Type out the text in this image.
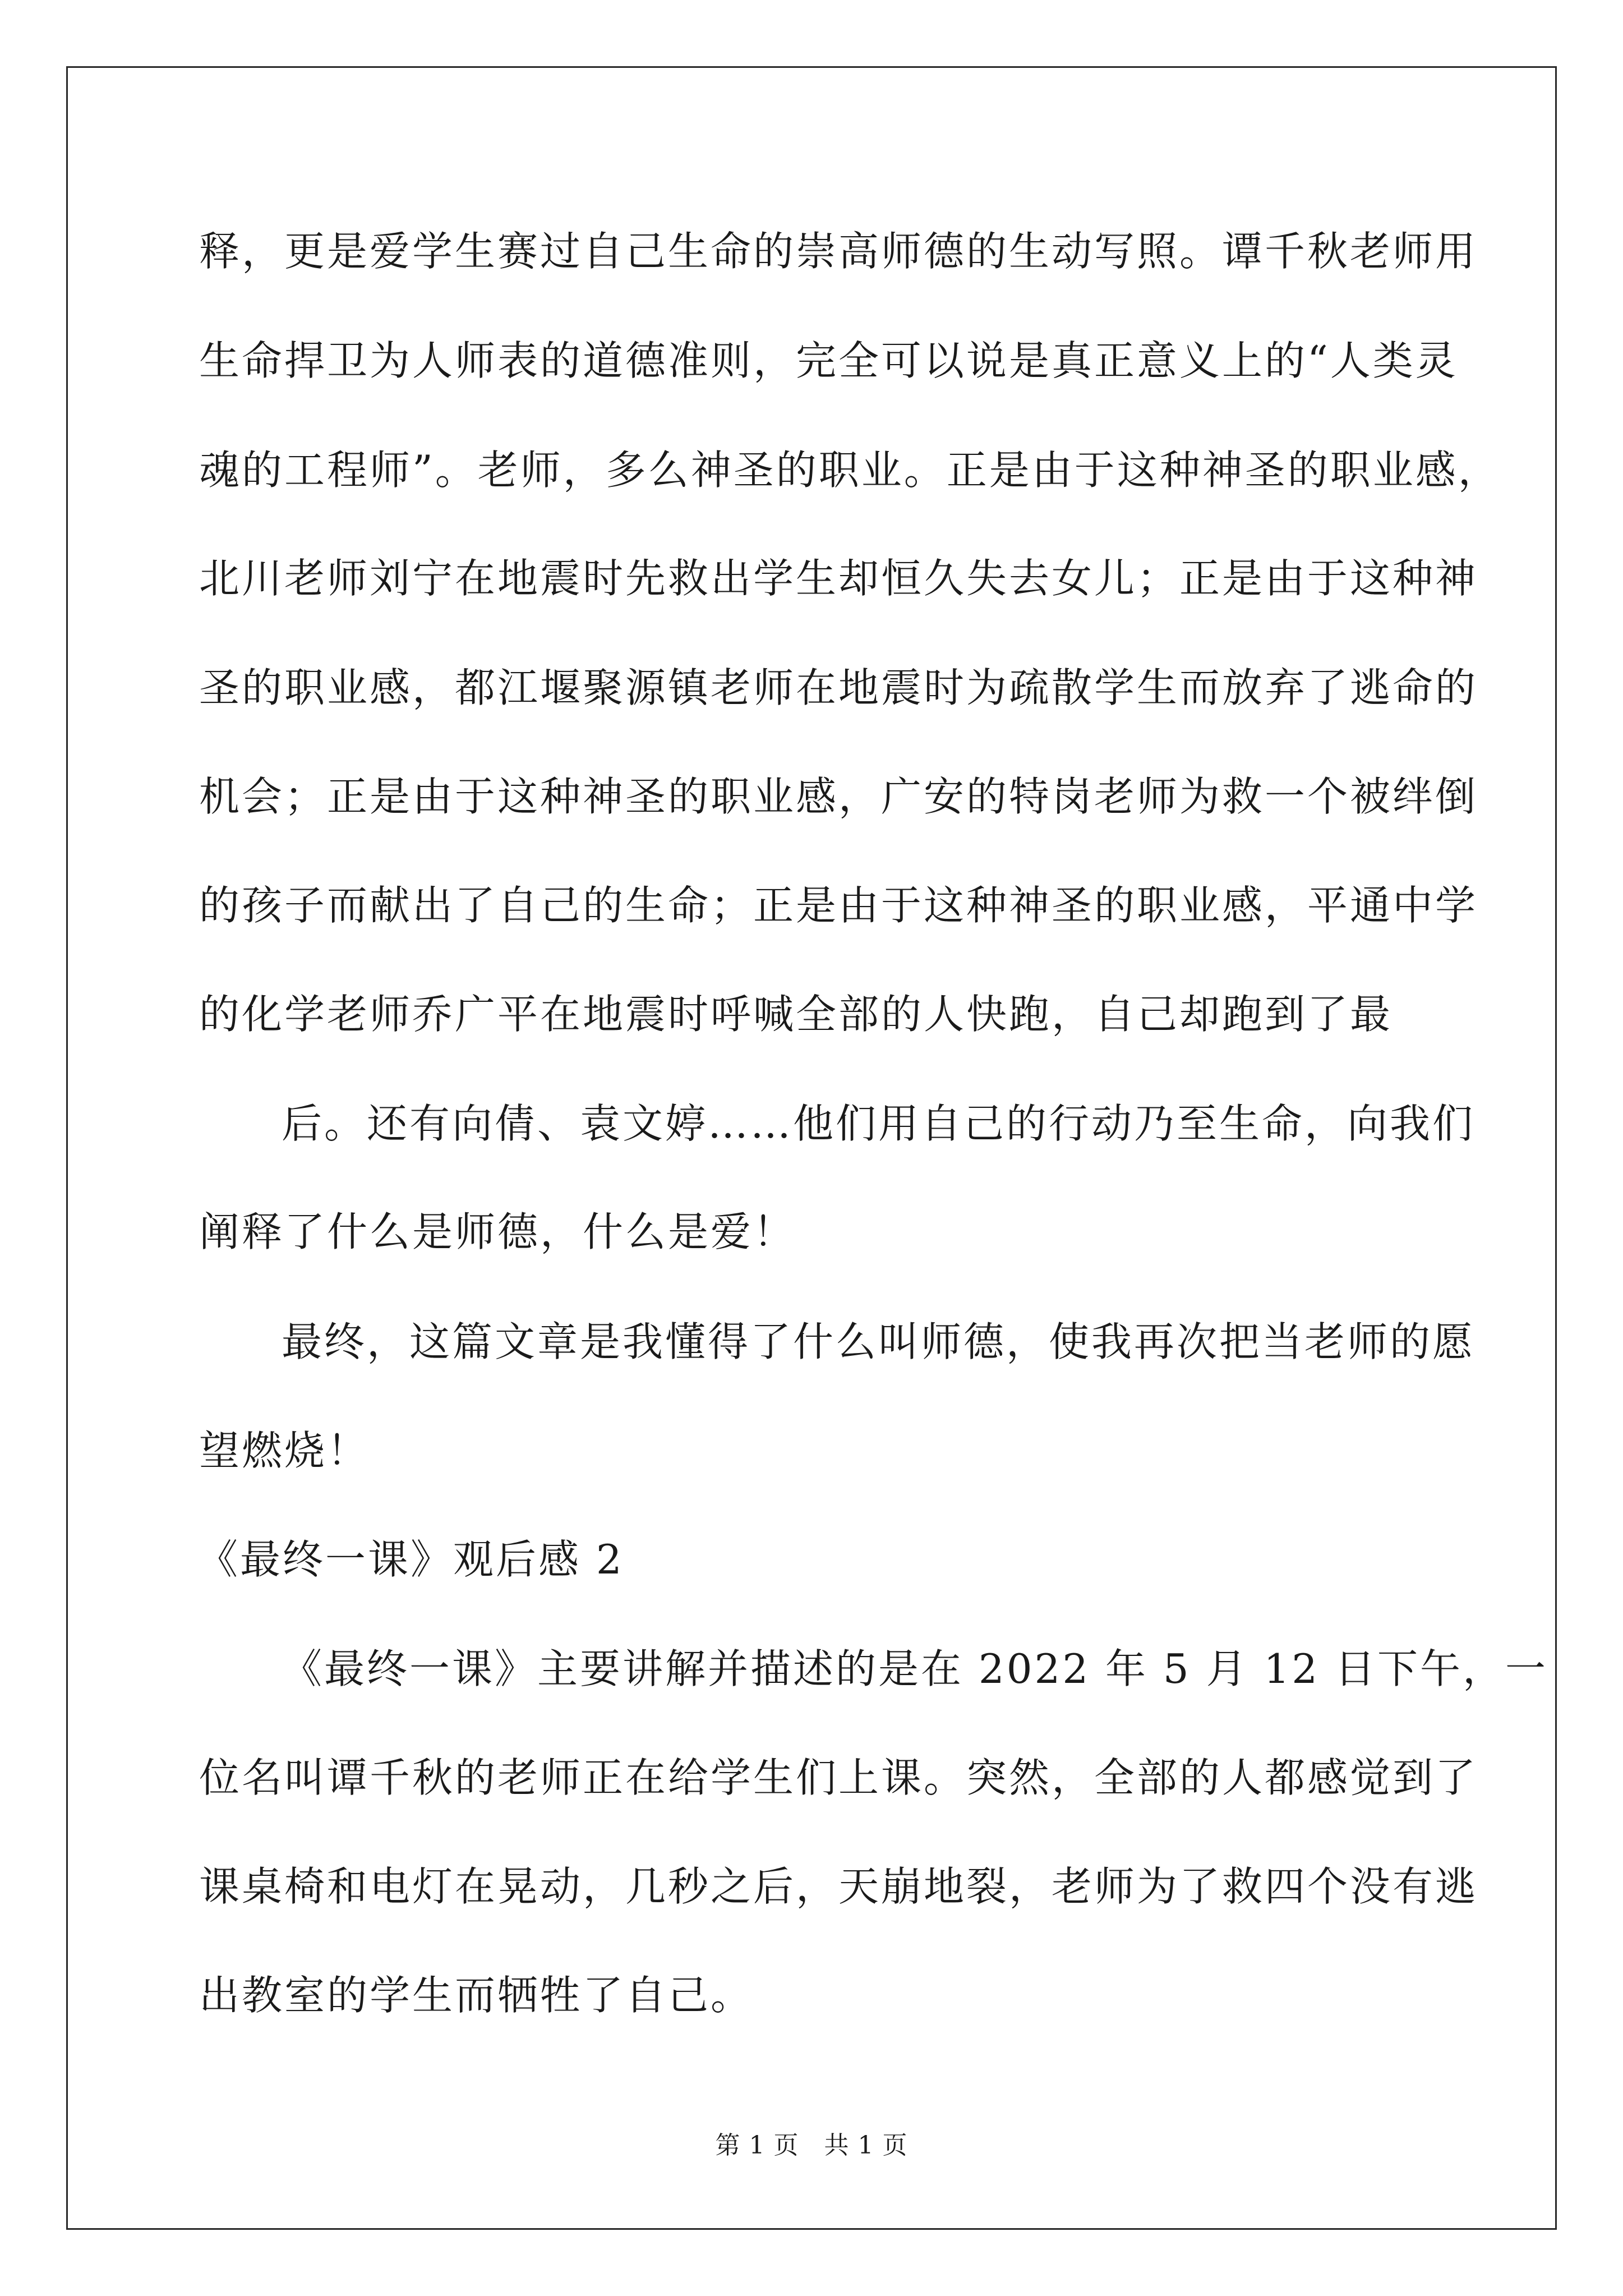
释，更是爱学生赛过自己生命的崇高师德的生动写照。谭千秋老师用

生命捍卫为人师表的道德准则，完全可以说是真正意义上的“人类灵

魂的工程师”。老师，多么神圣的职业。正是由于这种神圣的职业感，

北川老师刘宁在地震时先救出学生却恒久失去女儿；正是由于这种神

圣的职业感，都江堰聚源镇老师在地震时为疏散学生而放弃了逃命的

机会；正是由于这种神圣的职业感，广安的特岗老师为救一个被绊倒

的孩子而献出了自己的生命；正是由于这种神圣的职业感，平通中学

的化学老师乔广平在地震时呼喊全部的人快跑，自己却跑到了最

后。还有向倩、袁文婷……他们用自己的行动乃至生命，向我们

阐释了什么是师德，什么是爱！

最终，这篇文章是我懂得了什么叫师德，使我再次把当老师的愿

望燃烧！

《最终一课》观后感 2

《最终一课》主要讲解并描述的是在 2022 年 5 月 12 日下午，一

位名叫谭千秋的老师正在给学生们上课。突然，全部的人都感觉到了

课桌椅和电灯在晃动，几秒之后，天崩地裂，老师为了救四个没有逃

出教室的学生而牺牲了自己。

第 1 页　共 1 页
